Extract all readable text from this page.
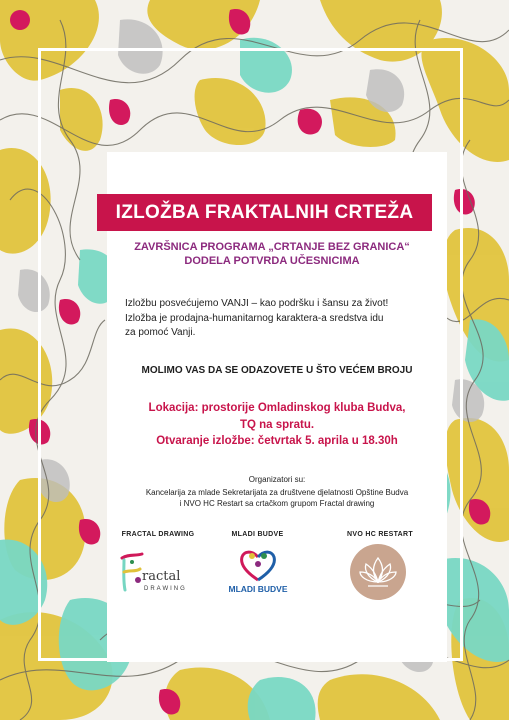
IZLOŽBA FRAKTALNIH CRTEŽA
ZAVRŠNICA PROGRAMA „CRTANJE BEZ GRANICA“
DODELA POTVRDA UČESNICIMA
Izložbu posvećujemo VANJI – kao podršku i šansu za život!
Izložba je prodajna-humanitarnog karaktera-a sredstva idu
za pomoć Vanji.
MOLIMO VAS DA SE ODAZOVETE U ŠTO VEĆEM BROJU
Lokacija: prostorije Omladinskog kluba Budva,
TQ na spratu.
Otvaranje izložbe: četvrtak 5. aprila u 18.30h
Organizatori su:
Kancelarija za mlade Sekretarijata za društvene djelatnosti Opštine Budva
i NVO HC Restart sa crtačkom grupom Fractal drawing
FRACTAL DRAWING	MLADI BUDVE	NVO HC RESTART
ractal
DRAWING	MLADI BUDVE
